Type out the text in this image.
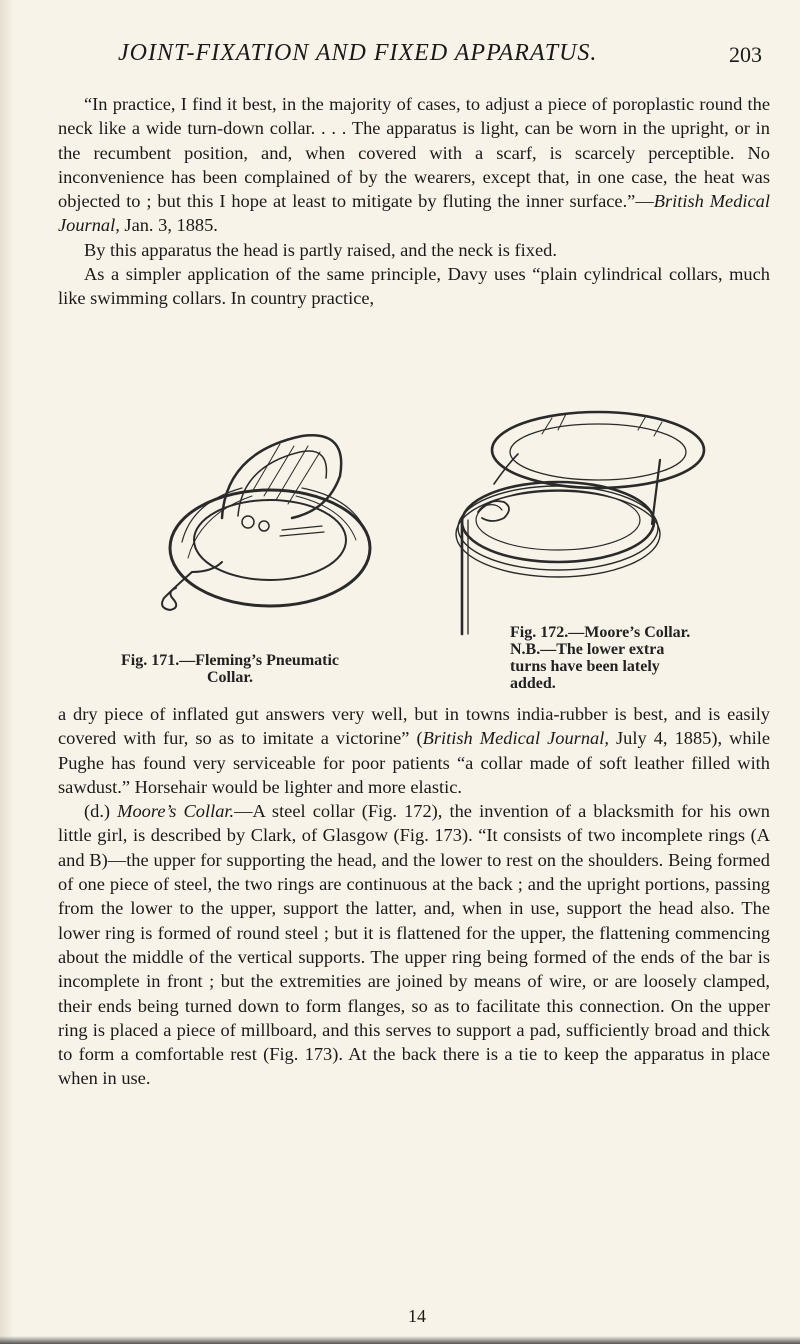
JOINT-FIXATION AND FIXED APPARATUS.	203

“In practice, I find it best, in the majority of cases, to adjust a piece of poroplastic round the neck like a wide turn-down collar. . . . The apparatus is light, can be worn in the upright, or in the recumbent position, and, when covered with a scarf, is scarcely perceptible. No inconvenience has been complained of by the wearers, except that, in one case, the heat was objected to ; but this I hope at least to mitigate by fluting the inner surface.”—British Medical Journal, Jan. 3, 1885.

By this apparatus the head is partly raised, and the neck is fixed.

As a simpler application of the same principle, Davy uses “plain cylindrical collars, much like swimming collars. In country practice,

Fig. 171.—Fleming’s Pneumatic
Collar.
Fig. 172.—Moore’s Collar.
N.B.—The lower extra
turns have been lately
added.

a dry piece of inflated gut answers very well, but in towns india-rubber is best, and is easily covered with fur, so as to imitate a victorine” (British Medical Journal, July 4, 1885), while Pughe has found very serviceable for poor patients “a collar made of soft leather filled with sawdust.” Horsehair would be lighter and more elastic.

(d.) Moore’s Collar.—A steel collar (Fig. 172), the invention of a blacksmith for his own little girl, is described by Clark, of Glasgow (Fig. 173). “It consists of two incomplete rings (A and B)—the upper for supporting the head, and the lower to rest on the shoulders. Being formed of one piece of steel, the two rings are continuous at the back ; and the upright portions, passing from the lower to the upper, support the latter, and, when in use, support the head also. The lower ring is formed of round steel ; but it is flattened for the upper, the flattening commencing about the middle of the vertical supports. The upper ring being formed of the ends of the bar is incomplete in front ; but the extremities are joined by means of wire, or are loosely clamped, their ends being turned down to form flanges, so as to facilitate this connection. On the upper ring is placed a piece of millboard, and this serves to support a pad, sufficiently broad and thick to form a comfortable rest (Fig. 173). At the back there is a tie to keep the apparatus in place when in use.

14
